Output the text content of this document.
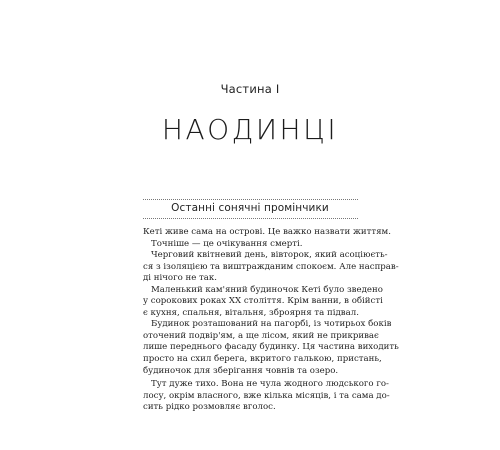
Частина І
НАОДИНЦІ
Останні сонячні промінчики
Кеті живе сама на острові. Це важко назвати життям.
Точніше — це очікування смерті.
Черговий квітневий день, вівторок, який асоціюєть-
ся з ізоляцією та виштражданим спокоєм. Але насправ-
ді нічого не так.
Маленький кам'яний будиночок Кеті було зведено
у сорокових роках ХХ століття. Крім ванни, в обійсті
є кухня, спальня, вітальня, зброярня та підвал.
Будинок розташований на пагорбі, із чотирьох боків
оточений подвір'ям, а ще лісом, який не прикриває
лише переднього фасаду будинку. Ця частина виходить
просто на схил берега, вкритого галькою, пристань,
будиночок для зберігання човнів та озеро.
Тут дуже тихо. Вона не чула жодного людського го-
лосу, окрім власного, вже кілька місяців, і та сама до-
сить рідко розмовляє вголос.
